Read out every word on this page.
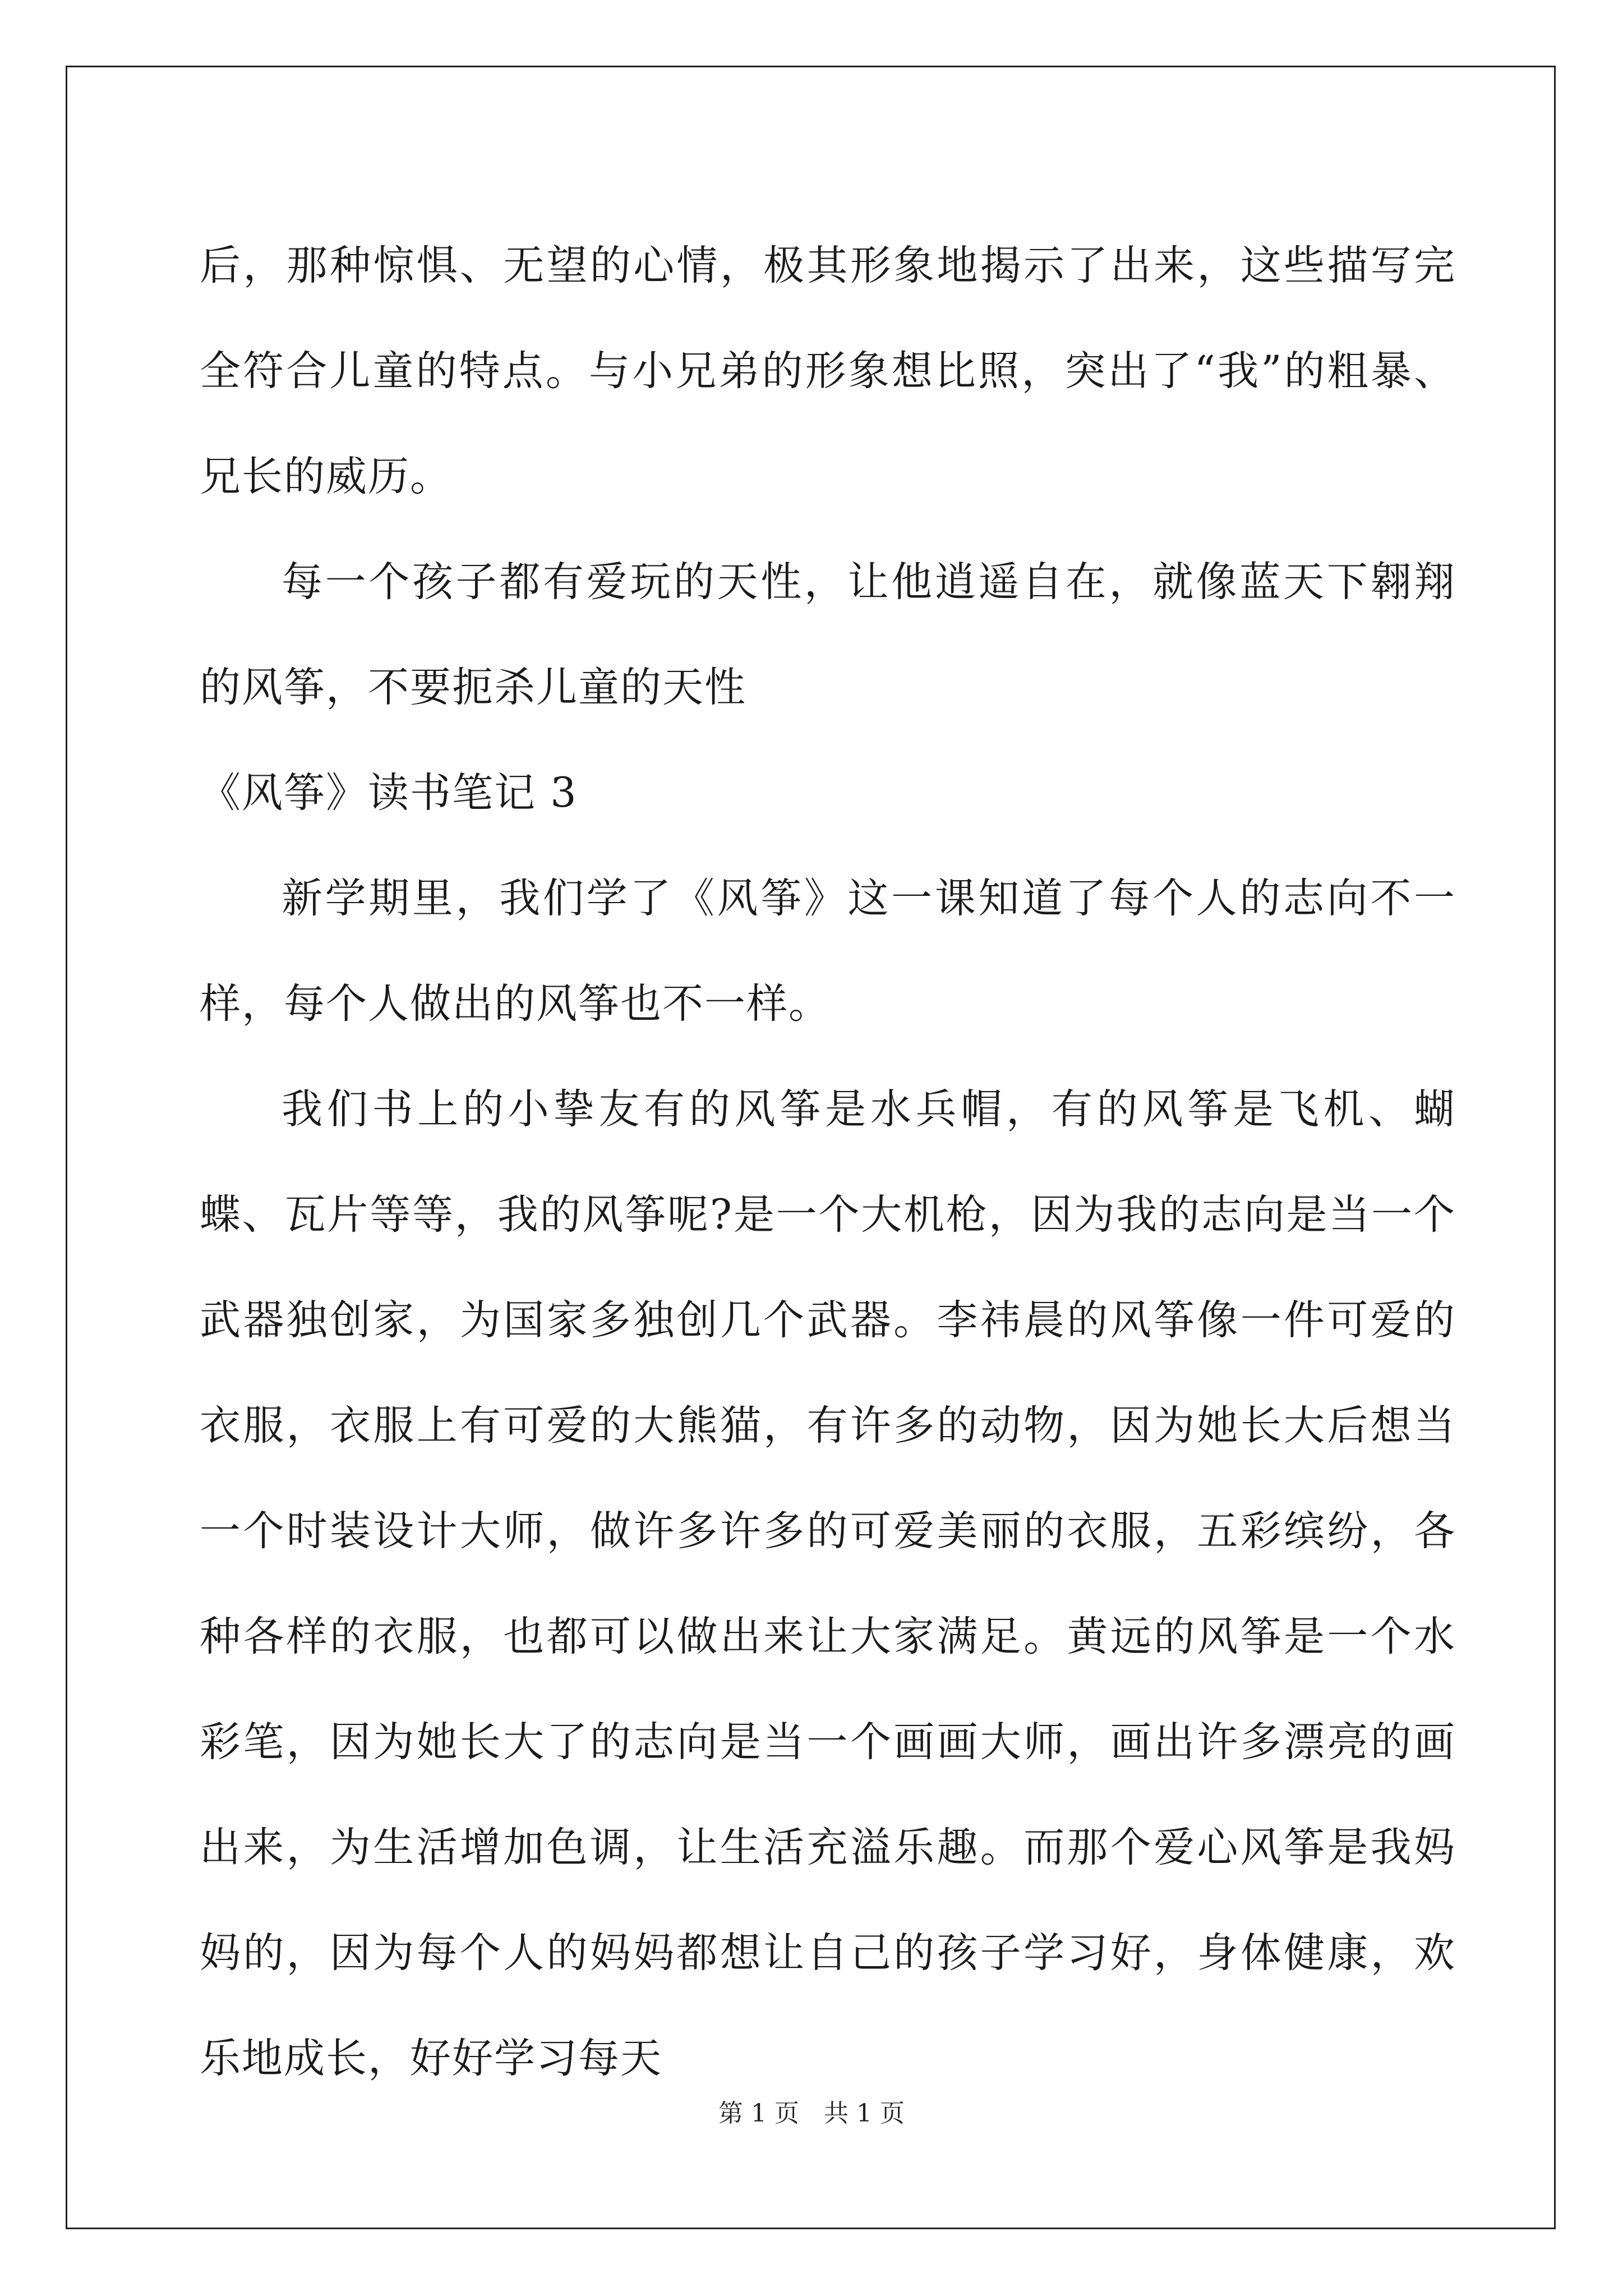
后，那种惊惧、无望的心情，极其形象地揭示了出来，这些描写完全符合儿童的特点。与小兄弟的形象想比照，突出了“我”的粗暴、兄长的威历。

每一个孩子都有爱玩的天性，让他逍遥自在，就像蓝天下翱翔的风筝，不要扼杀儿童的天性

《风筝》读书笔记 3

新学期里，我们学了《风筝》这一课知道了每个人的志向不一样，每个人做出的风筝也不一样。

我们书上的小挚友有的风筝是水兵帽，有的风筝是飞机、蝴蝶、瓦片等等，我的风筝呢?是一个大机枪，因为我的志向是当一个武器独创家，为国家多独创几个武器。李祎晨的风筝像一件可爱的衣服，衣服上有可爱的大熊猫，有许多的动物，因为她长大后想当一个时装设计大师，做许多许多的可爱美丽的衣服，五彩缤纷，各种各样的衣服，也都可以做出来让大家满足。黄远的风筝是一个水彩笔，因为她长大了的志向是当一个画画大师，画出许多漂亮的画出来，为生活增加色调，让生活充溢乐趣。而那个爱心风筝是我妈妈的，因为每个人的妈妈都想让自己的孩子学习好，身体健康，欢乐地成长，好好学习每天

第 1 页 共 1 页
